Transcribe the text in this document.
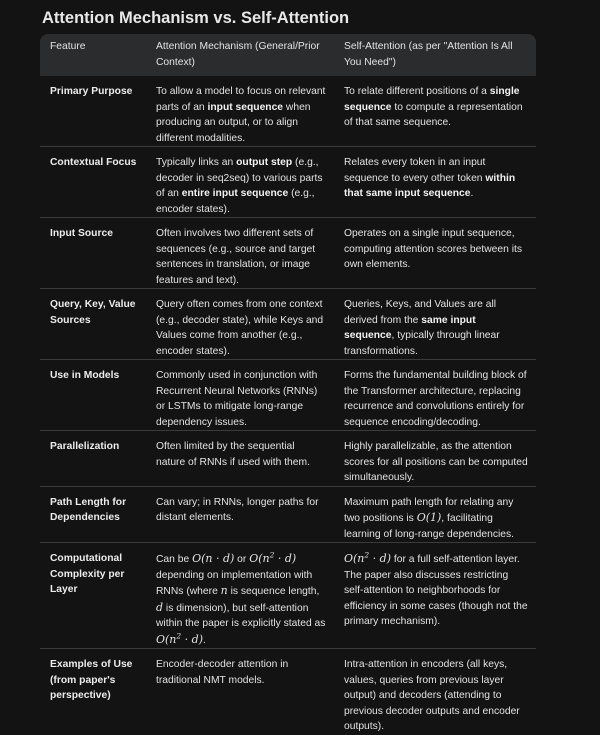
Attention Mechanism vs. Self-Attention
Feature	Attention Mechanism (General/Prior Context)	Self-Attention (as per "Attention Is All You Need")
Primary Purpose	To allow a model to focus on relevant parts of an input sequence when producing an output, or to align different modalities.	To relate different positions of a single sequence to compute a representation of that same sequence.
Contextual Focus	Typically links an output step (e.g., decoder in seq2seq) to various parts of an entire input sequence (e.g., encoder states).	Relates every token in an input sequence to every other token within that same input sequence.
Input Source	Often involves two different sets of sequences (e.g., source and target sentences in translation, or image features and text).	Operates on a single input sequence, computing attention scores between its own elements.
Query, Key, Value Sources	Query often comes from one context (e.g., decoder state), while Keys and Values come from another (e.g., encoder states).	Queries, Keys, and Values are all derived from the same input sequence, typically through linear transformations.
Use in Models	Commonly used in conjunction with Recurrent Neural Networks (RNNs) or LSTMs to mitigate long-range dependency issues.	Forms the fundamental building block of the Transformer architecture, replacing recurrence and convolutions entirely for sequence encoding/decoding.
Parallelization	Often limited by the sequential nature of RNNs if used with them.	Highly parallelizable, as the attention scores for all positions can be computed simultaneously.
Path Length for Dependencies	Can vary; in RNNs, longer paths for distant elements.	Maximum path length for relating any two positions is O(1), facilitating learning of long-range dependencies.
Computational Complexity per Layer	Can be O(n · d) or $O(n^2 \cdot d)$ depending on implementation with RNNs (where n is sequence length, d is dimension), but self-attention within the paper is explicitly stated as $O(n^2 \cdot d)$.	$O(n^2 \cdot d)$ for a full self-attention layer. The paper also discusses restricting self-attention to neighborhoods for efficiency in some cases (though not the primary mechanism).
Examples of Use (from paper's perspective)	Encoder-decoder attention in traditional NMT models.	Intra-attention in encoders (all keys, values, queries from previous layer output) and decoders (attending to previous decoder outputs and encoder outputs).
